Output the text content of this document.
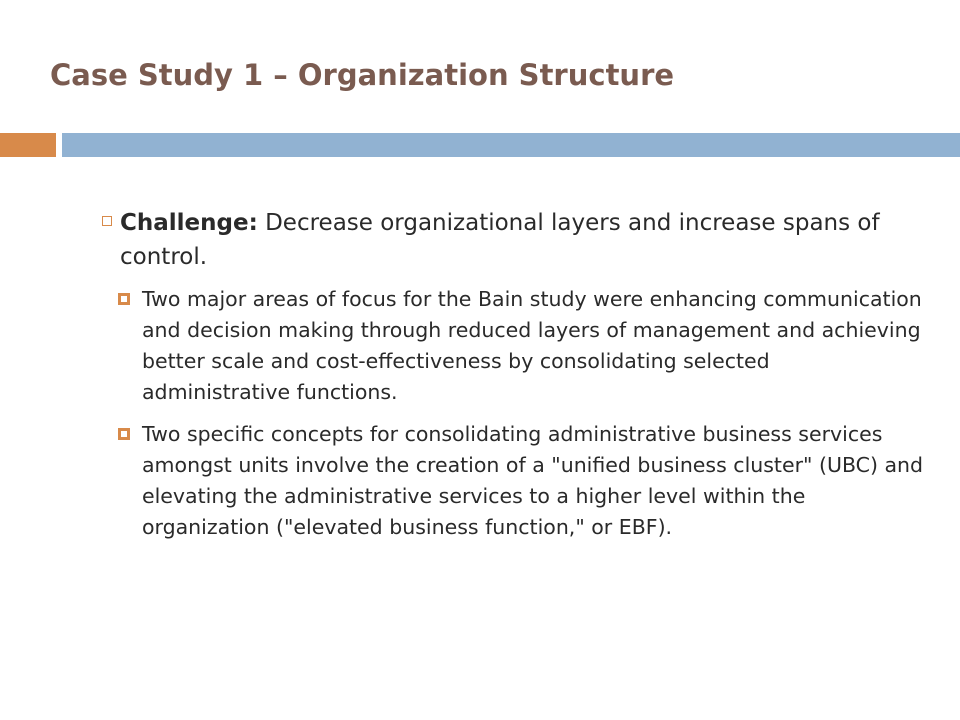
Case Study 1 – Organization Structure
Challenge: Decrease organizational layers and increase spans of control.
Two major areas of focus for the Bain study were enhancing communication and decision making through reduced layers of management and achieving better scale and cost-effectiveness by consolidating selected administrative functions.
Two specific concepts for consolidating administrative business services amongst units involve the creation of a "unified business cluster" (UBC) and elevating the administrative services to a higher level within the organization ("elevated business function," or EBF).
